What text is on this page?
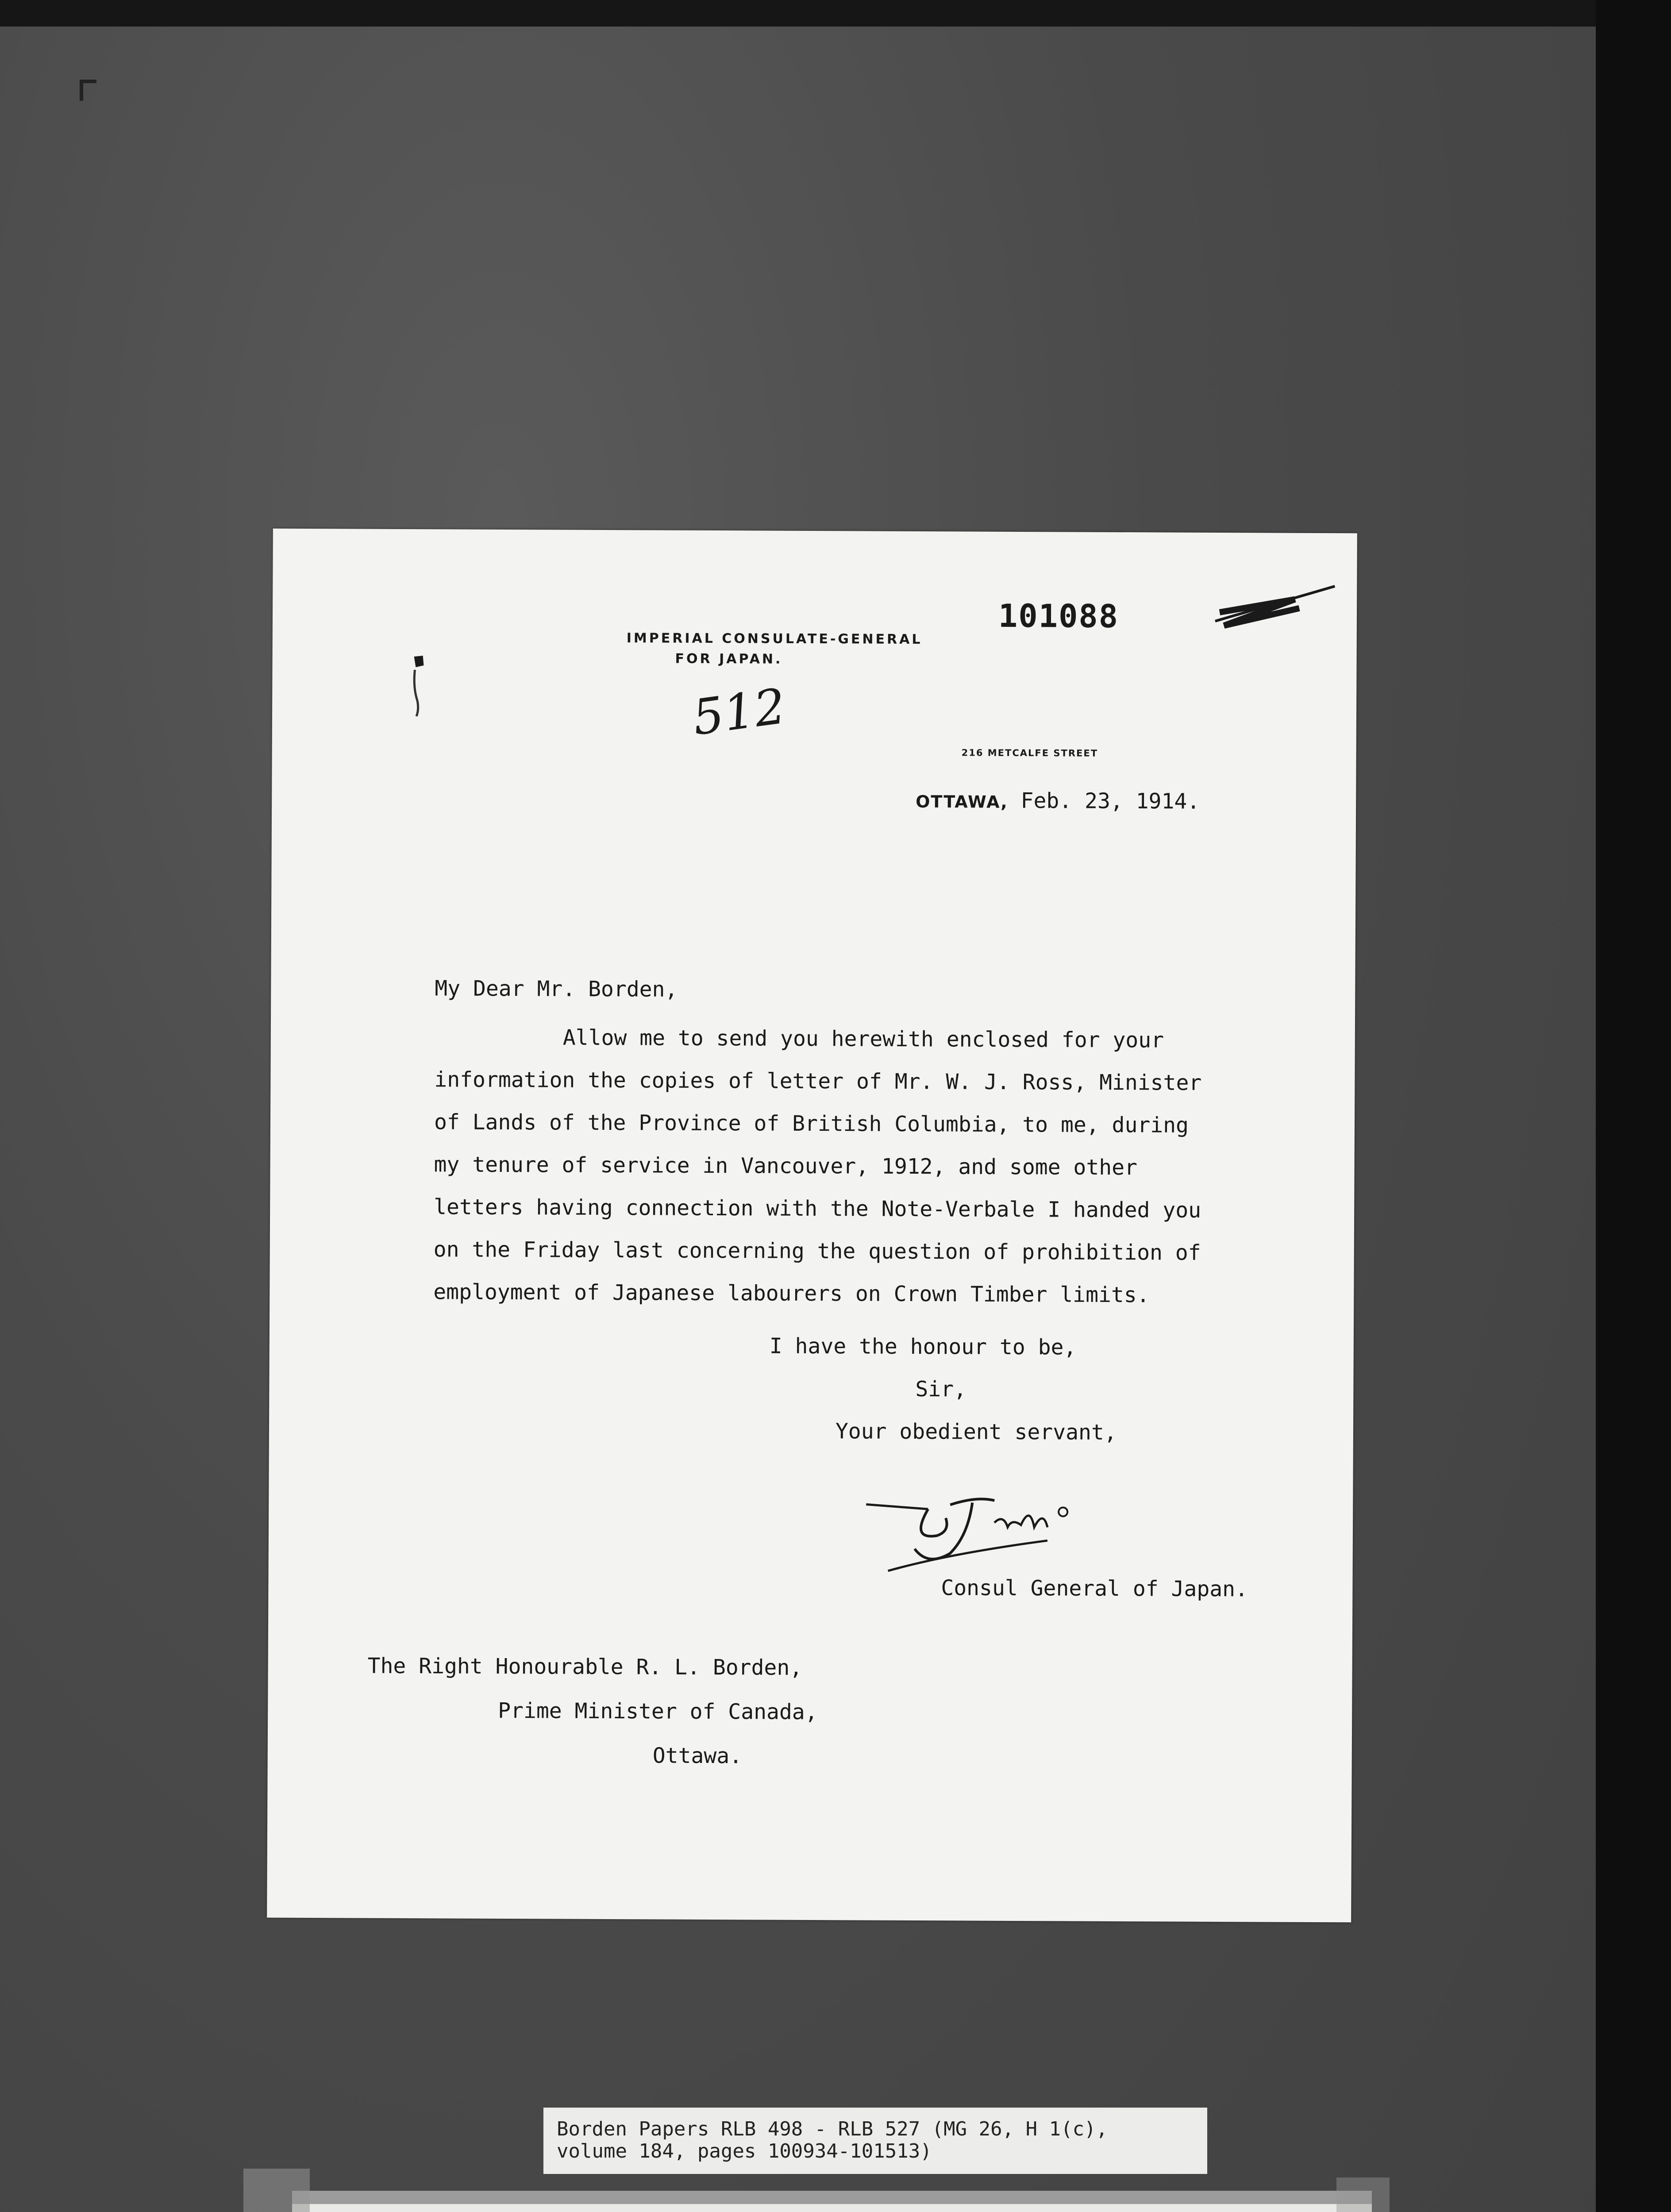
IMPERIAL CONSULATE-GENERAL
FOR JAPAN.
101088
512
216 METCALFE STREET
OTTAWA, Feb. 23, 1914.
My Dear Mr. Borden,
Allow me to send you herewith enclosed for your
information the copies of letter of Mr. W. J. Ross, Minister
of Lands of the Province of British Columbia, to me, during
my tenure of service in Vancouver, 1912, and some other
letters having connection with the Note-Verbale I handed you
on the Friday last concerning the question of prohibition of
employment of Japanese labourers on Crown Timber limits.
I have the honour to be,
Sir,
Your obedient servant,
C. Yada
Consul General of Japan.
The Right Honourable R. L. Borden,
Prime Minister of Canada,
Ottawa.
Borden Papers RLB 498 - RLB 527 (MG 26, H 1(c),
volume 184, pages 100934-101513)
